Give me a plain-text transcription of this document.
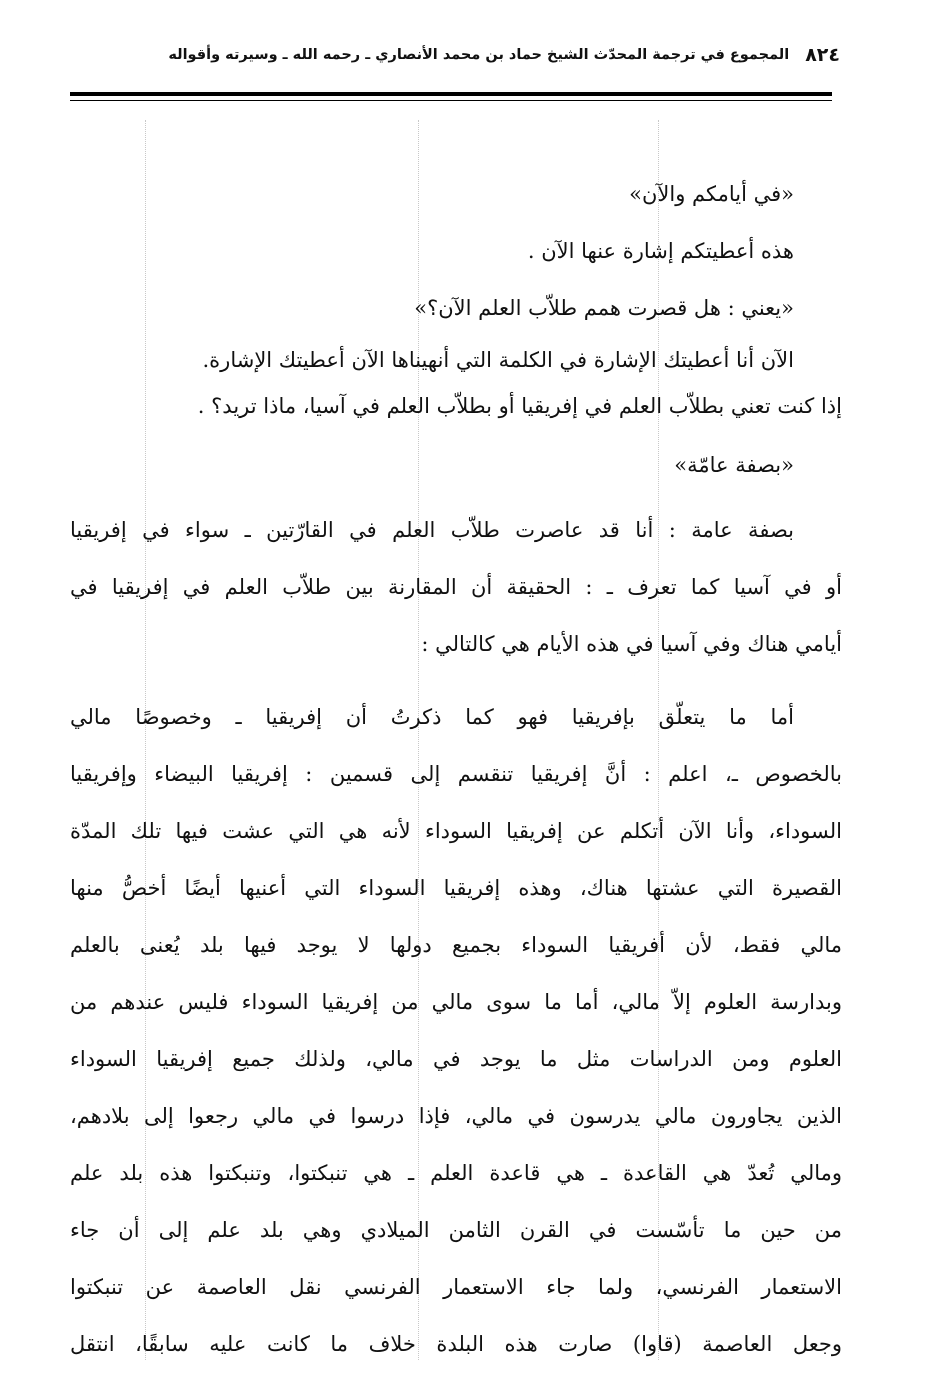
٨٢٤
المجموع في ترجمة المحدّث الشيخ حماد بن محمد الأنصاري ـ رحمه الله ـ وسيرته وأقواله
«في أيامكم والآن»
هذه أعطيتكم إشارة عنها الآن .
«يعني : هل قصرت همم طلاّب العلم الآن؟»
الآن أنا أعطيتك الإشارة في الكلمة التي أنهيناها الآن أعطيتك الإشارة.
إذا كنت تعني بطلاّب العلم في إفريقيا أو بطلاّب العلم في آسيا، ماذا تريد؟ .
«بصفة عامّة»
بصفة عامة : أنا قد عاصرت طلاّب العلم في القارّتين ـ سواء في إفريقيا
أو في آسيا كما تعرف ـ : الحقيقة أن المقارنة بين طلاّب العلم في إفريقيا في
أيامي هناك وفي آسيا في هذه الأيام هي كالتالي :
أما ما يتعلّق بإفريقيا فهو كما ذكرتُ أن إفريقيا ـ وخصوصًا مالي
بالخصوص ـ، اعلم : أنَّ إفريقيا تنقسم إلى قسمين : إفريقيا البيضاء وإفريقيا
السوداء، وأنا الآن أتكلم عن إفريقيا السوداء لأنه هي التي عشت فيها تلك المدّة
القصيرة التي عشتها هناك، وهذه إفريقيا السوداء التي أعنيها أيضًا أخصُّ منها
مالي فقط، لأن أفريقيا السوداء بجميع دولها لا يوجد فيها بلد يُعنى بالعلم
وبدارسة العلوم إلاّ مالي، أما ما سوى مالي من إفريقيا السوداء فليس عندهم من
العلوم ومن الدراسات مثل ما يوجد في مالي، ولذلك جميع إفريقيا السوداء
الذين يجاورون مالي يدرسون في مالي، فإذا درسوا في مالي رجعوا إلى بلادهم،
ومالي تُعدّ هي القاعدة ـ هي قاعدة العلم ـ هي تنبكتوا، وتنبكتوا هذه بلد علم
من حين ما تأسّست في القرن الثامن الميلادي وهي بلد علم إلى أن جاء
الاستعمار الفرنسي، ولما جاء الاستعمار الفرنسي نقل العاصمة عن تنبكتوا
وجعل العاصمة (قاوا) صارت هذه البلدة خلاف ما كانت عليه سابقًا، انتقل
